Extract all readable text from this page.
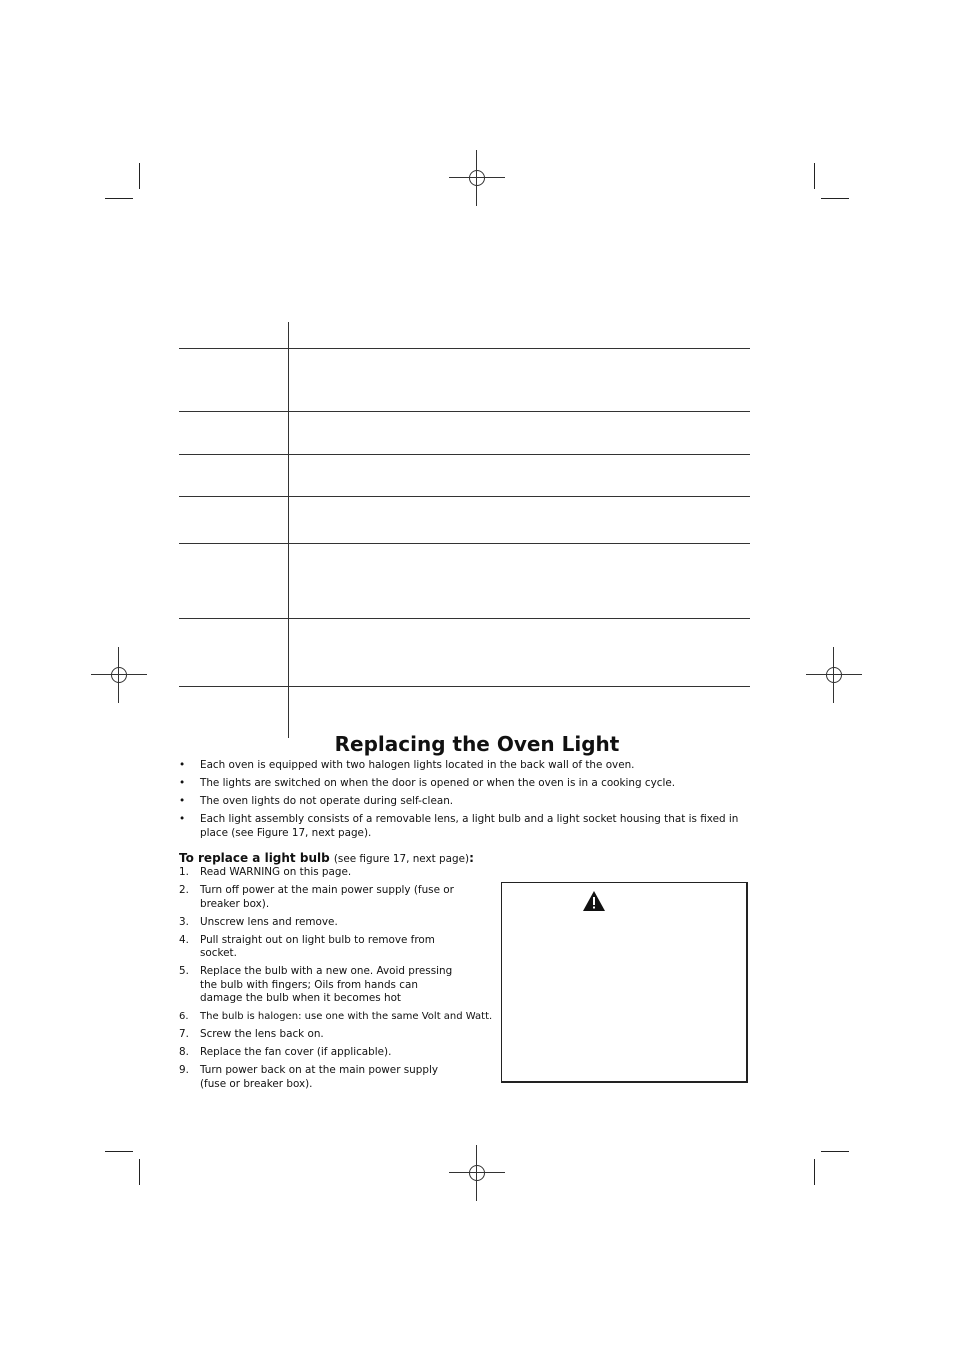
Replacing the Oven Light
• Each oven is equipped with two halogen lights located in the back wall of the oven.
• The lights are switched on when the door is opened or when the oven is in a cooking cycle.
• The oven lights do not operate during self-clean.
• Each light assembly consists of a removable lens, a light bulb and a light socket housing that is fixed in place (see Figure 17, next page).
To replace a light bulb (see figure 17, next page):
1. Read WARNING on this page.
2. Turn off power at the main power supply (fuse or breaker box).
3. Unscrew lens and remove.
4. Pull straight out on light bulb to remove from socket.
5. Replace the bulb with a new one. Avoid pressing the bulb with fingers; Oils from hands can damage the bulb when it becomes hot
6. The bulb is halogen: use one with the same Volt and Watt.
7. Screw the lens back on.
8. Replace the fan cover (if applicable).
9. Turn power back on at the main power supply (fuse or breaker box).
